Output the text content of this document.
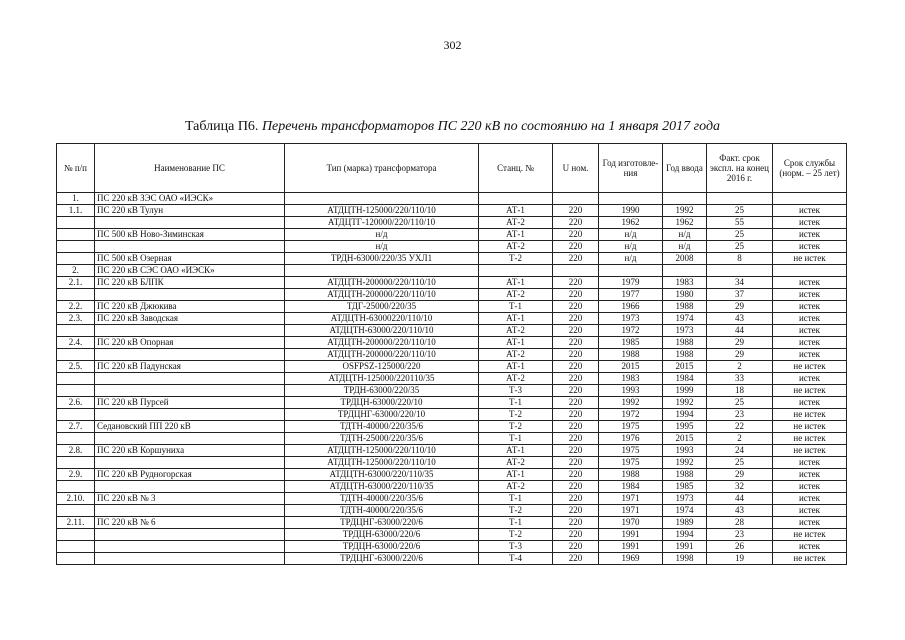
302
Таблица П6. Перечень трансформаторов ПС 220 кВ по состоянию на 1 января 2017 года
№ п/п	Наименование ПС	Тип (марка) трансформатора	Станц. №	U ном.	Год изготовле-ния	Год ввода	Факт. срок экспл. на конец 2016 г.	Срок службы (норм. – 25 лет)
1.	ПС 220 кВ ЗЭС ОАО «ИЭСК»							
1.1.	ПС 220 кВ Тулун	АТДЦТН-125000/220/110/10	АТ-1	220	1990	1992	25	истек
		АТДЦТГ-120000/220/110/10	АТ-2	220	1962	1962	55	истек
	ПС 500 кВ Ново-Зиминская	н/д	АТ-1	220	н/д	н/д	25	истек
		н/д	АТ-2	220	н/д	н/д	25	истек
	ПС 500 кВ Озерная	ТРДН-63000/220/35 УХЛ1	Т-2	220	н/д	2008	8	не истек
2.	ПС 220 кВ СЭС ОАО «ИЭСК»							
2.1.	ПС 220 кВ БЛПК	АТДЦТН-200000/220/110/10	АТ-1	220	1979	1983	34	истек
		АТДЦТН-200000/220/110/10	АТ-2	220	1977	1980	37	истек
2.2.	ПС 220 кВ Джюкива	ТДГ-25000/220/35	Т-1	220	1966	1988	29	истек
2.3.	ПС 220 кВ Заводская	АТДЦТН-63000220/110/10	АТ-1	220	1973	1974	43	истек
		АТДЦТН-63000/220/110/10	АТ-2	220	1972	1973	44	истек
2.4.	ПС 220 кВ Опорная	АТДЦТН-200000/220/110/10	АТ-1	220	1985	1988	29	истек
		АТДЦТН-200000/220/110/10	АТ-2	220	1988	1988	29	истек
2.5.	ПС 220 кВ Падунская	OSFPSZ-125000/220	АТ-1	220	2015	2015	2	не истек
		АТДЦТН-125000/220110/35	АТ-2	220	1983	1984	33	истек
		ТРДН-63000/220/35	Т-3	220	1993	1999	18	не истек
2.6.	ПС 220 кВ Пурсей	ТРДЦН-63000/220/10	Т-1	220	1992	1992	25	истек
		ТРДЦНГ-63000/220/10	Т-2	220	1972	1994	23	не истек
2.7.	Седановский ПП 220 кВ	ТДТН-40000/220/35/6	Т-2	220	1975	1995	22	не истек
		ТДТН-25000/220/35/6	Т-1	220	1976	2015	2	не истек
2.8.	ПС 220 кВ Коршуниха	АТДЦТН-125000/220/110/10	АТ-1	220	1975	1993	24	не истек
		АТДЦТН-125000/220/110/10	АТ-2	220	1975	1992	25	истек
2.9.	ПС 220 кВ Рудногорская	АТДЦТН-63000/220/110/35	АТ-1	220	1988	1988	29	истек
		АТДЦТН-63000/220/110/35	АТ-2	220	1984	1985	32	истек
2.10.	ПС 220 кВ № 3	ТДТН-40000/220/35/6	Т-1	220	1971	1973	44	истек
		ТДТН-40000/220/35/6	Т-2	220	1971	1974	43	истек
2.11.	ПС 220 кВ № 6	ТРДЦНГ-63000/220/6	Т-1	220	1970	1989	28	истек
		ТРДЦН-63000/220/6	Т-2	220	1991	1994	23	не истек
		ТРДЦН-63000/220/6	Т-3	220	1991	1991	26	истек
		ТРДЦНГ-63000/220/6	Т-4	220	1969	1998	19	не истек
